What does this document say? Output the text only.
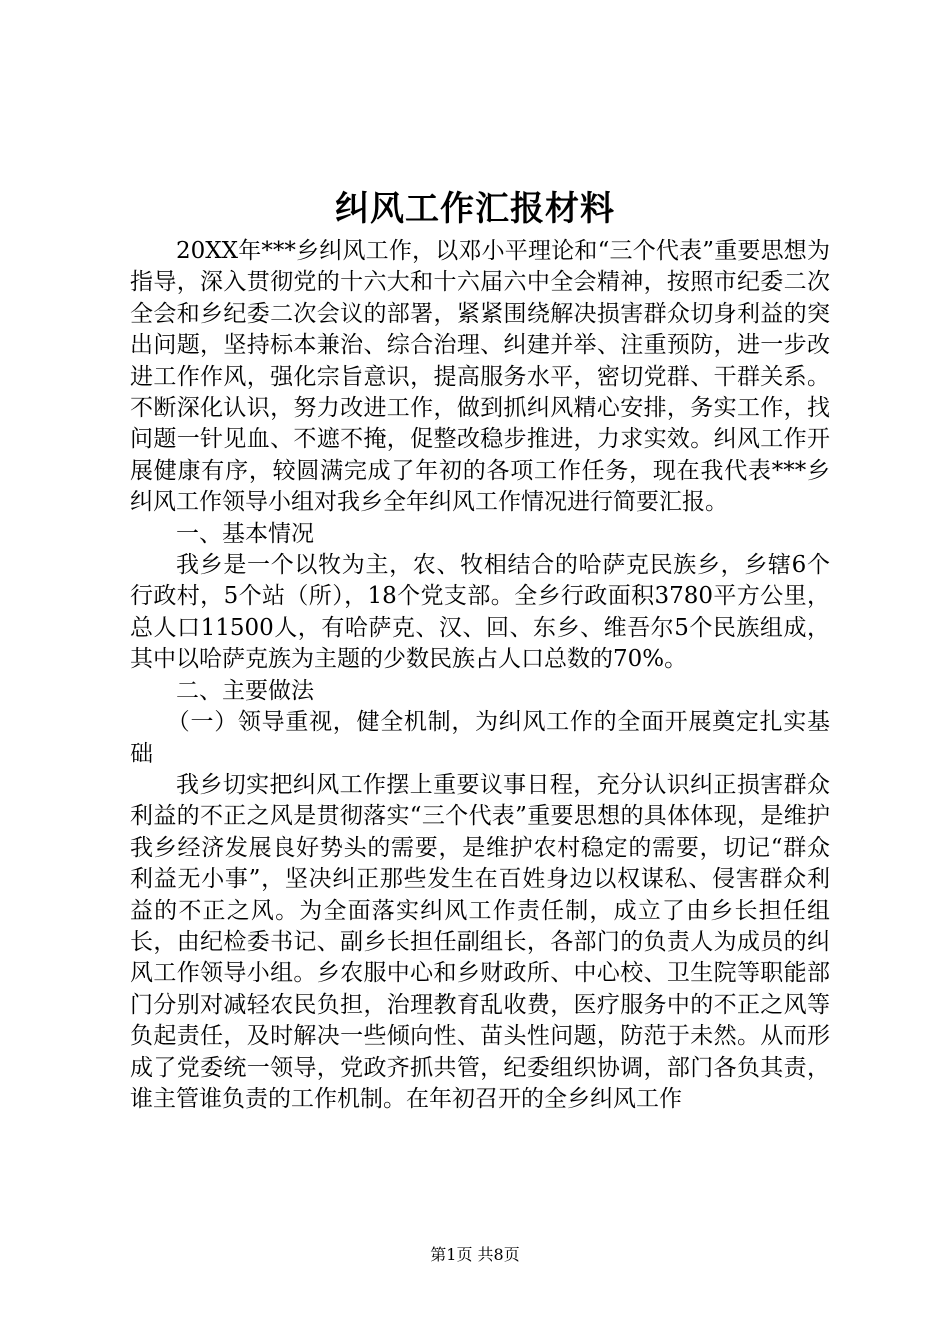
纠风工作汇报材料

20XX年***乡纠风工作，以邓小平理论和“三个代表”重要思想为指导，深入贯彻党的十六大和十六届六中全会精神，按照市纪委二次全会和乡纪委二次会议的部署，紧紧围绕解决损害群众切身利益的突出问题，坚持标本兼治、综合治理、纠建并举、注重预防，进一步改进工作作风，强化宗旨意识，提高服务水平，密切党群、干群关系。不断深化认识，努力改进工作，做到抓纠风精心安排，务实工作，找问题一针见血、不遮不掩，促整改稳步推进，力求实效。纠风工作开展健康有序，较圆满完成了年初的各项工作任务，现在我代表***乡纠风工作领导小组对我乡全年纠风工作情况进行简要汇报。

一、基本情况

我乡是一个以牧为主，农、牧相结合的哈萨克民族乡，乡辖6个行政村，5个站（所），18个党支部。全乡行政面积3780平方公里，总人口11500人，有哈萨克、汉、回、东乡、维吾尔5个民族组成，其中以哈萨克族为主题的少数民族占人口总数的70%。

二、主要做法

（一）领导重视，健全机制，为纠风工作的全面开展奠定扎实基础

我乡切实把纠风工作摆上重要议事日程，充分认识纠正损害群众利益的不正之风是贯彻落实“三个代表”重要思想的具体体现，是维护我乡经济发展良好势头的需要，是维护农村稳定的需要，切记“群众利益无小事”，坚决纠正那些发生在百姓身边以权谋私、侵害群众利益的不正之风。为全面落实纠风工作责任制，成立了由乡长担任组长，由纪检委书记、副乡长担任副组长，各部门的负责人为成员的纠风工作领导小组。乡农服中心和乡财政所、中心校、卫生院等职能部门分别对减轻农民负担，治理教育乱收费，医疗服务中的不正之风等负起责任，及时解决一些倾向性、苗头性问题，防范于未然。从而形成了党委统一领导，党政齐抓共管，纪委组织协调，部门各负其责，谁主管谁负责的工作机制。在年初召开的全乡纠风工作

第1页 共8页
